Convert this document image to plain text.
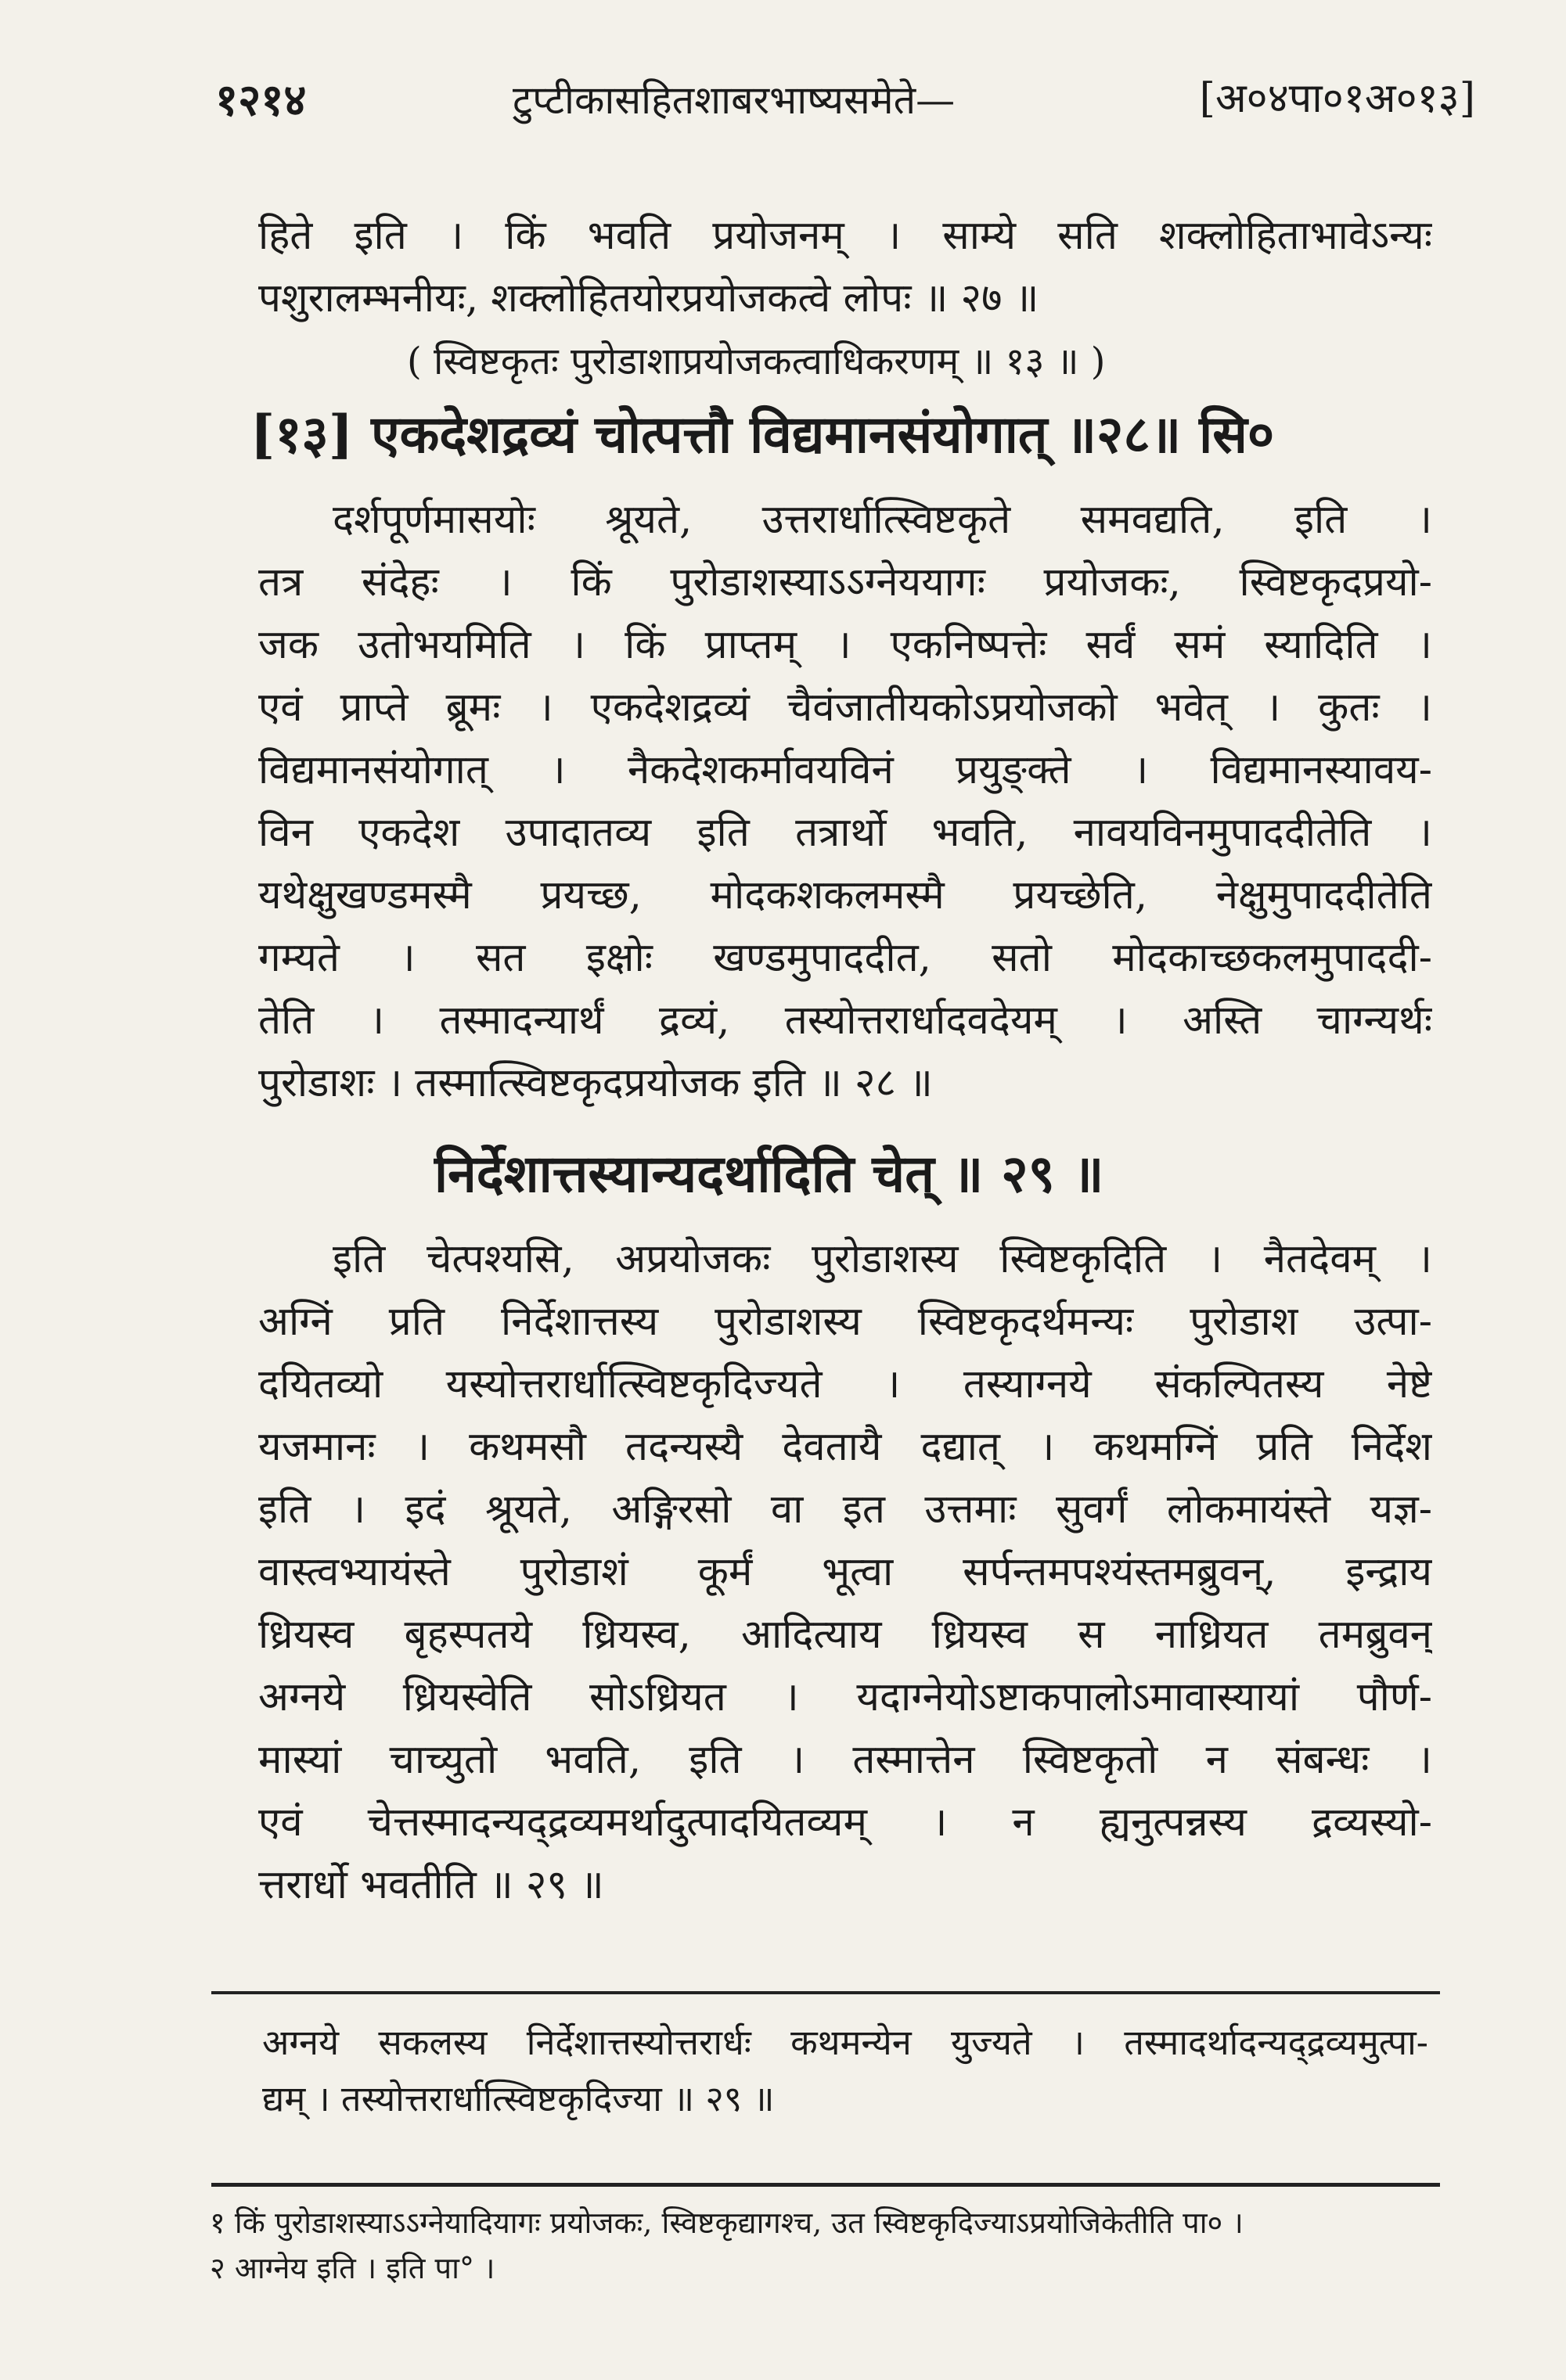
१२१४	टुप्टीकासहितशाबरभाष्यसमेते—	[अ०४पा०१अ०१३]
हिते इति । किं भवति प्रयोजनम् । साम्ये सति शक्लोहिताभावेऽन्यः
पशुरालम्भनीयः, शक्लोहितयोरप्रयोजकत्वे लोपः ॥ २७ ॥
( स्विष्टकृतः पुरोडाशाप्रयोजकत्वाधिकरणम् ॥ १३ ॥ )
[१३] एकदेशद्रव्यं चोत्पत्तौ विद्यमानसंयोगात् ॥२८॥ सि०
दर्शपूर्णमासयोः श्रूयते, उत्तरार्धात्स्विष्टकृते समवद्यति, इति ।
तत्र संदेहः । किं पुरोडाशस्याऽऽग्नेययागः प्रयोजकः, स्विष्टकृदप्रयो-
जक उतोभयमिति । किं प्राप्तम् । एकनिष्पत्तेः सर्वं समं स्यादिति ।
एवं प्राप्ते ब्रूमः । एकदेशद्रव्यं चैवंजातीयकोऽप्रयोजको भवेत् । कुतः ।
विद्यमानसंयोगात् । नैकदेशकर्मावयविनं प्रयुङ्क्ते । विद्यमानस्यावय-
विन एकदेश उपादातव्य इति तत्रार्थो भवति, नावयविनमुपाददीतेति ।
यथेक्षुखण्डमस्मै प्रयच्छ, मोदकशकलमस्मै प्रयच्छेति, नेक्षुमुपाददीतेति
गम्यते । सत इक्षोः खण्डमुपाददीत, सतो मोदकाच्छकलमुपाददी-
तेति । तस्मादन्यार्थं द्रव्यं, तस्योत्तरार्धादवदेयम् । अस्ति चाग्न्यर्थः
पुरोडाशः । तस्मात्स्विष्टकृदप्रयोजक इति ॥ २८ ॥
निर्देशात्तस्यान्यदर्थादिति चेत् ॥ २९ ॥
इति चेत्पश्यसि, अप्रयोजकः पुरोडाशस्य स्विष्टकृदिति । नैतदेवम् ।
अग्निं प्रति निर्देशात्तस्य पुरोडाशस्य स्विष्टकृदर्थमन्यः पुरोडाश उत्पा-
दयितव्यो यस्योत्तरार्धात्स्विष्टकृदिज्यते । तस्याग्नये संकल्पितस्य नेष्टे
यजमानः । कथमसौ तदन्यस्यै देवतायै दद्यात् । कथमग्निं प्रति निर्देश
इति । इदं श्रूयते, अङ्गिरसो वा इत उत्तमाः सुवर्गं लोकमायंस्ते यज्ञ-
वास्त्वभ्यायंस्ते पुरोडाशं कूर्मं भूत्वा सर्पन्तमपश्यंस्तमब्रुवन्, इन्द्राय
ध्रियस्व बृहस्पतये ध्रियस्व, आदित्याय ध्रियस्व स नाध्रियत तमब्रुवन्
अग्नये ध्रियस्वेति सोऽध्रियत । यदाग्नेयोऽष्टाकपालोऽमावास्यायां पौर्ण-
मास्यां चाच्युतो भवति, इति । तस्मात्तेन स्विष्टकृतो न संबन्धः ।
एवं चेत्तस्मादन्यद्द्रव्यमर्थादुत्पादयितव्यम् । न ह्यनुत्पन्नस्य द्रव्यस्यो-
त्तरार्धो भवतीति ॥ २९ ॥
अग्नये सकलस्य निर्देशात्तस्योत्तरार्धः कथमन्येन युज्यते । तस्मादर्थादन्यद्द्रव्यमुत्पा-
द्यम् । तस्योत्तरार्धात्स्विष्टकृदिज्या ॥ २९ ॥
१ किं पुरोडाशस्याऽऽग्नेयादियागः प्रयोजकः, स्विष्टकृद्यागश्च, उत स्विष्टकृदिज्याऽप्रयोजिकेतीति पा० ।
२ आग्नेय इति । इति पा° ।
